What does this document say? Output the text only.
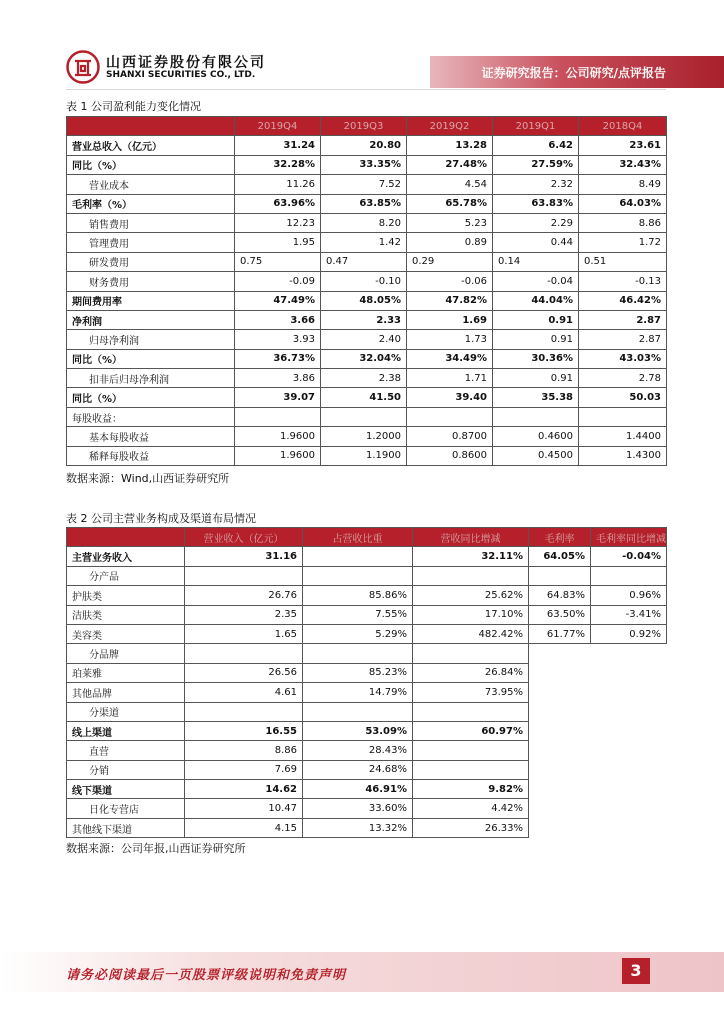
山西证券股份有限公司
SHANXI SECURITIES CO., LTD.	证券研究报告：公司研究/点评报告
表 1 公司盈利能力变化情况
	2019Q4	2019Q3	2019Q2	2019Q1	2018Q4
营业总收入（亿元）	31.24	20.80	13.28	6.42	23.61
同比（%）	32.28%	33.35%	27.48%	27.59%	32.43%
营业成本	11.26	7.52	4.54	2.32	8.49
毛利率（%）	63.96%	63.85%	65.78%	63.83%	64.03%
销售费用	12.23	8.20	5.23	2.29	8.86
管理费用	1.95	1.42	0.89	0.44	1.72
研发费用	0.75	0.47	0.29	0.14	0.51
财务费用	-0.09	-0.10	-0.06	-0.04	-0.13
期间费用率	47.49%	48.05%	47.82%	44.04%	46.42%
净利润	3.66	2.33	1.69	0.91	2.87
归母净利润	3.93	2.40	1.73	0.91	2.87
同比（%）	36.73%	32.04%	34.49%	30.36%	43.03%
扣非后归母净利润	3.86	2.38	1.71	0.91	2.78
同比（%）	39.07	41.50	39.40	35.38	50.03
每股收益：					
基本每股收益	1.9600	1.2000	0.8700	0.4600	1.4400
稀释每股收益	1.9600	1.1900	0.8600	0.4500	1.4300
数据来源：Wind,山西证券研究所
表 2 公司主营业务构成及渠道布局情况
	营业收入（亿元）	占营收比重	营收同比增减	毛利率	毛利率同比增减
主营业务收入	31.16		32.11%	64.05%	-0.04%
分产品					
护肤类	26.76	85.86%	25.62%	64.83%	0.96%
洁肤类	2.35	7.55%	17.10%	63.50%	-3.41%
美容类	1.65	5.29%	482.42%	61.77%	0.92%
分品牌					
珀莱雅	26.56	85.23%	26.84%		
其他品牌	4.61	14.79%	73.95%		
分渠道					
线上渠道	16.55	53.09%	60.97%		
直营	8.86	28.43%			
分销	7.69	24.68%			
线下渠道	14.62	46.91%	9.82%		
日化专营店	10.47	33.60%	4.42%		
其他线下渠道	4.15	13.32%	26.33%		
数据来源：公司年报,山西证券研究所
请务必阅读最后一页股票评级说明和免责声明	3
